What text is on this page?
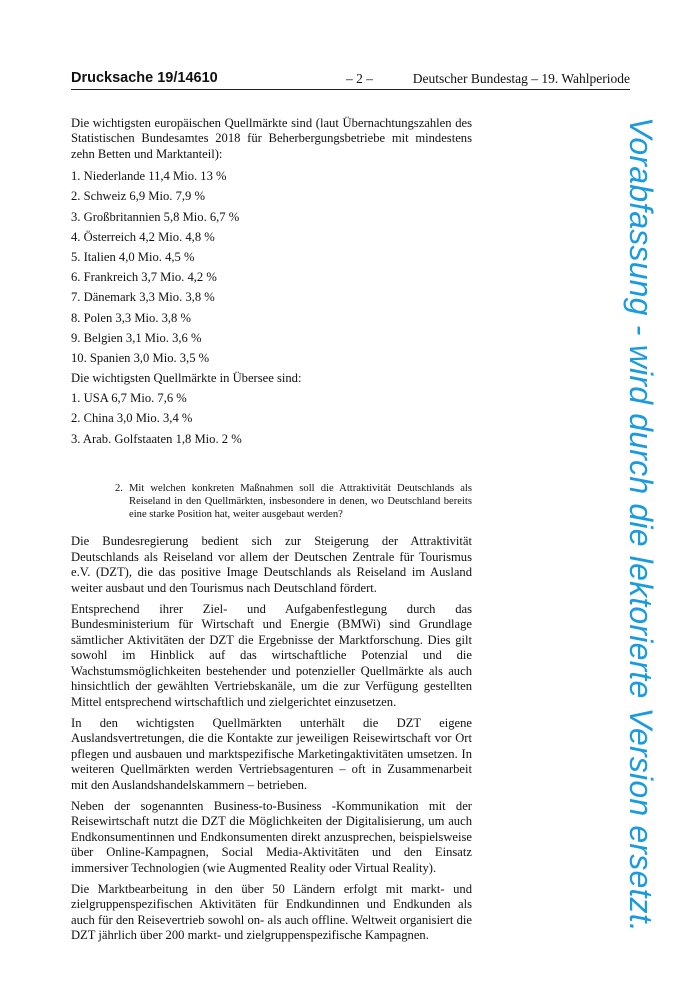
Drucksache 19/14610	– 2 –	Deutscher Bundestag – 19. Wahlperiode

Die wichtigsten europäischen Quellmärkte sind (laut Übernachtungszahlen des Statistischen Bundesamtes 2018 für Beherbergungsbetriebe mit mindestens zehn Betten und Marktanteil):

1. Niederlande 11,4 Mio. 13 %
2. Schweiz 6,9 Mio. 7,9 %
3. Großbritannien 5,8 Mio. 6,7 %
4. Österreich 4,2 Mio. 4,8 %
5. Italien 4,0 Mio. 4,5 %
6. Frankreich 3,7 Mio. 4,2 %
7. Dänemark 3,3 Mio. 3,8 %
8. Polen 3,3 Mio. 3,8 %
9. Belgien 3,1 Mio. 3,6 %
10. Spanien 3,0 Mio. 3,5 %
Die wichtigsten Quellmärkte in Übersee sind:
1. USA 6,7 Mio. 7,6 %
2. China 3,0 Mio. 3,4 %
3. Arab. Golfstaaten 1,8 Mio. 2 %

2. Mit welchen konkreten Maßnahmen soll die Attraktivität Deutschlands als Reiseland in den Quellmärkten, insbesondere in denen, wo Deutschland bereits eine starke Position hat, weiter ausgebaut werden?

Die Bundesregierung bedient sich zur Steigerung der Attraktivität Deutschlands als Reiseland vor allem der Deutschen Zentrale für Tourismus e.V. (DZT), die das positive Image Deutschlands als Reiseland im Ausland weiter ausbaut und den Tourismus nach Deutschland fördert.

Entsprechend ihrer Ziel- und Aufgabenfestlegung durch das Bundesministerium für Wirtschaft und Energie (BMWi) sind Grundlage sämtlicher Aktivitäten der DZT die Ergebnisse der Marktforschung. Dies gilt sowohl im Hinblick auf das wirtschaftliche Potenzial und die Wachstumsmöglichkeiten bestehender und potenzieller Quellmärkte als auch hinsichtlich der gewählten Vertriebskanäle, um die zur Verfügung gestellten Mittel entsprechend wirtschaftlich und zielgerichtet einzusetzen.

In den wichtigsten Quellmärkten unterhält die DZT eigene Auslandsvertretungen, die die Kontakte zur jeweiligen Reisewirtschaft vor Ort pflegen und ausbauen und marktspezifische Marketingaktivitäten umsetzen. In weiteren Quellmärkten werden Vertriebsagenturen – oft in Zusammenarbeit mit den Auslandshandelskammern – betrieben.

Neben der sogenannten Business-to-Business -Kommunikation mit der Reisewirtschaft nutzt die DZT die Möglichkeiten der Digitalisierung, um auch Endkonsumentinnen und Endkonsumenten direkt anzusprechen, beispielsweise über Online-Kampagnen, Social Media-Aktivitäten und den Einsatz immersiver Technologien (wie Augmented Reality oder Virtual Reality).

Die Marktbearbeitung in den über 50 Ländern erfolgt mit markt- und zielgruppenspezifischen Aktivitäten für Endkundinnen und Endkunden als auch für den Reisevertrieb sowohl on- als auch offline. Weltweit organisiert die DZT jährlich über 200 markt- und zielgruppenspezifische Kampagnen.

Vorabfassung - wird durch die lektorierte Version ersetzt.
